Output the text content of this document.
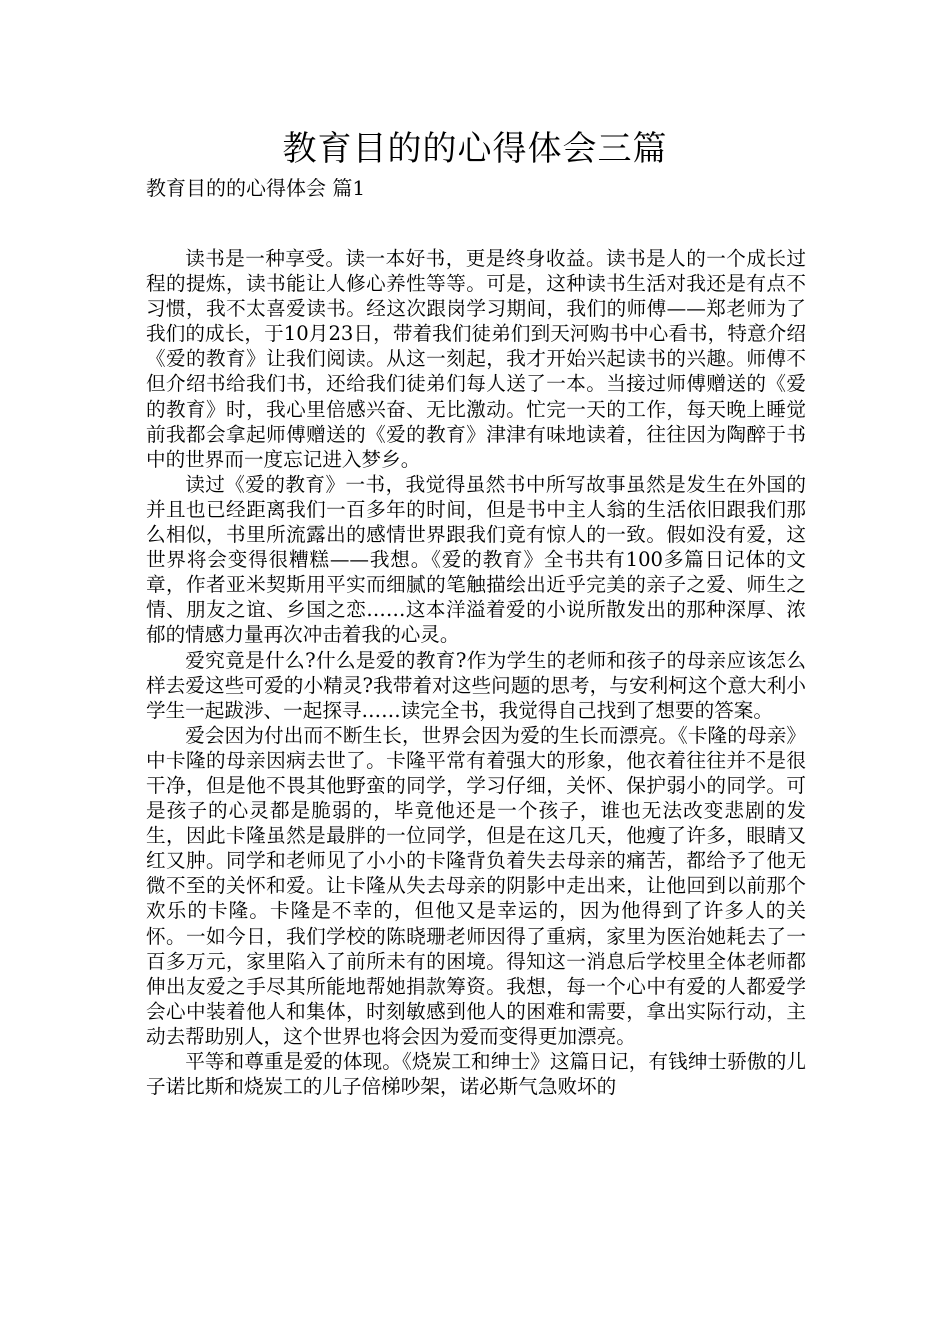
教育目的的心得体会三篇
教育目的的心得体会 篇1

读书是一种享受。读一本好书，更是终身收益。读书是人的一个成长过程的提炼，读书能让人修心养性等等。可是，这种读书生活对我还是有点不习惯，我不太喜爱读书。经这次跟岗学习期间，我们的师傅——郑老师为了我们的成长，于10月23日，带着我们徒弟们到天河购书中心看书，特意介绍《爱的教育》让我们阅读。从这一刻起，我才开始兴起读书的兴趣。师傅不但介绍书给我们书，还给我们徒弟们每人送了一本。当接过师傅赠送的《爱的教育》时，我心里倍感兴奋、无比激动。忙完一天的工作，每天晚上睡觉前我都会拿起师傅赠送的《爱的教育》津津有味地读着，往往因为陶醉于书中的世界而一度忘记进入梦乡。

读过《爱的教育》一书，我觉得虽然书中所写故事虽然是发生在外国的并且也已经距离我们一百多年的时间，但是书中主人翁的生活依旧跟我们那么相似，书里所流露出的感情世界跟我们竟有惊人的一致。假如没有爱，这世界将会变得很糟糕——我想。《爱的教育》全书共有100多篇日记体的文章，作者亚米契斯用平实而细腻的笔触描绘出近乎完美的亲子之爱、师生之情、朋友之谊、乡国之恋……这本洋溢着爱的小说所散发出的那种深厚、浓郁的情感力量再次冲击着我的心灵。

爱究竟是什么?什么是爱的教育?作为学生的老师和孩子的母亲应该怎么样去爱这些可爱的小精灵?我带着对这些问题的思考，与安利柯这个意大利小学生一起跋涉、一起探寻……读完全书，我觉得自己找到了想要的答案。

爱会因为付出而不断生长，世界会因为爱的生长而漂亮。《卡隆的母亲》中卡隆的母亲因病去世了。卡隆平常有着强大的形象，他衣着往往并不是很干净，但是他不畏其他野蛮的同学，学习仔细，关怀、保护弱小的同学。可是孩子的心灵都是脆弱的，毕竟他还是一个孩子，谁也无法改变悲剧的发生，因此卡隆虽然是最胖的一位同学，但是在这几天，他瘦了许多，眼睛又红又肿。同学和老师见了小小的卡隆背负着失去母亲的痛苦，都给予了他无微不至的关怀和爱。让卡隆从失去母亲的阴影中走出来，让他回到以前那个欢乐的卡隆。卡隆是不幸的，但他又是幸运的，因为他得到了许多人的关怀。一如今日，我们学校的陈晓珊老师因得了重病，家里为医治她耗去了一百多万元，家里陷入了前所未有的困境。得知这一消息后学校里全体老师都伸出友爱之手尽其所能地帮她捐款筹资。我想，每一个心中有爱的人都爱学会心中装着他人和集体，时刻敏感到他人的困难和需要，拿出实际行动，主动去帮助别人，这个世界也将会因为爱而变得更加漂亮。

平等和尊重是爱的体现。《烧炭工和绅士》这篇日记，有钱绅士骄傲的儿子诺比斯和烧炭工的儿子倍梯吵架，诺必斯气急败坏的
